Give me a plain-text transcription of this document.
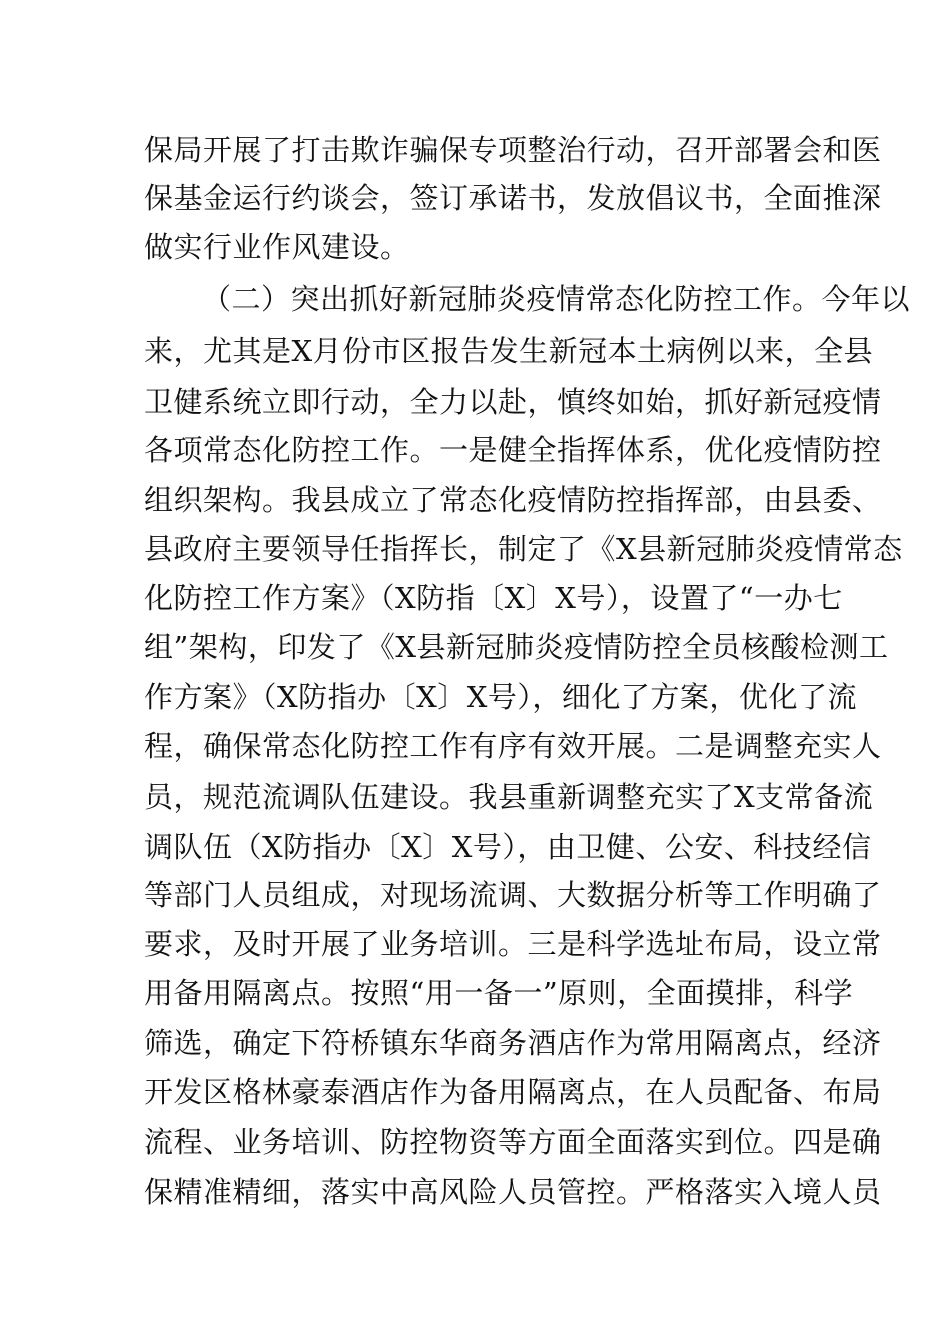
保局开展了打击欺诈骗保专项整治行动，召开部署会和医
保基金运行约谈会，签订承诺书，发放倡议书，全面推深
做实行业作风建设。
（二）突出抓好新冠肺炎疫情常态化防控工作。今年以
来，尤其是X月份市区报告发生新冠本土病例以来，全县
卫健系统立即行动，全力以赴，慎终如始，抓好新冠疫情
各项常态化防控工作。一是健全指挥体系，优化疫情防控
组织架构。我县成立了常态化疫情防控指挥部，由县委、
县政府主要领导任指挥长，制定了《X县新冠肺炎疫情常态
化防控工作方案》（X防指〔X〕X号），设置了“一办七
组”架构，印发了《X县新冠肺炎疫情防控全员核酸检测工
作方案》（X防指办〔X〕X号），细化了方案，优化了流
程，确保常态化防控工作有序有效开展。二是调整充实人
员，规范流调队伍建设。我县重新调整充实了X支常备流
调队伍（X防指办〔X〕X号），由卫健、公安、科技经信
等部门人员组成，对现场流调、大数据分析等工作明确了
要求，及时开展了业务培训。三是科学选址布局，设立常
用备用隔离点。按照“用一备一”原则，全面摸排，科学
筛选，确定下符桥镇东华商务酒店作为常用隔离点，经济
开发区格林豪泰酒店作为备用隔离点，在人员配备、布局
流程、业务培训、防控物资等方面全面落实到位。四是确
保精准精细，落实中高风险人员管控。严格落实入境人员
